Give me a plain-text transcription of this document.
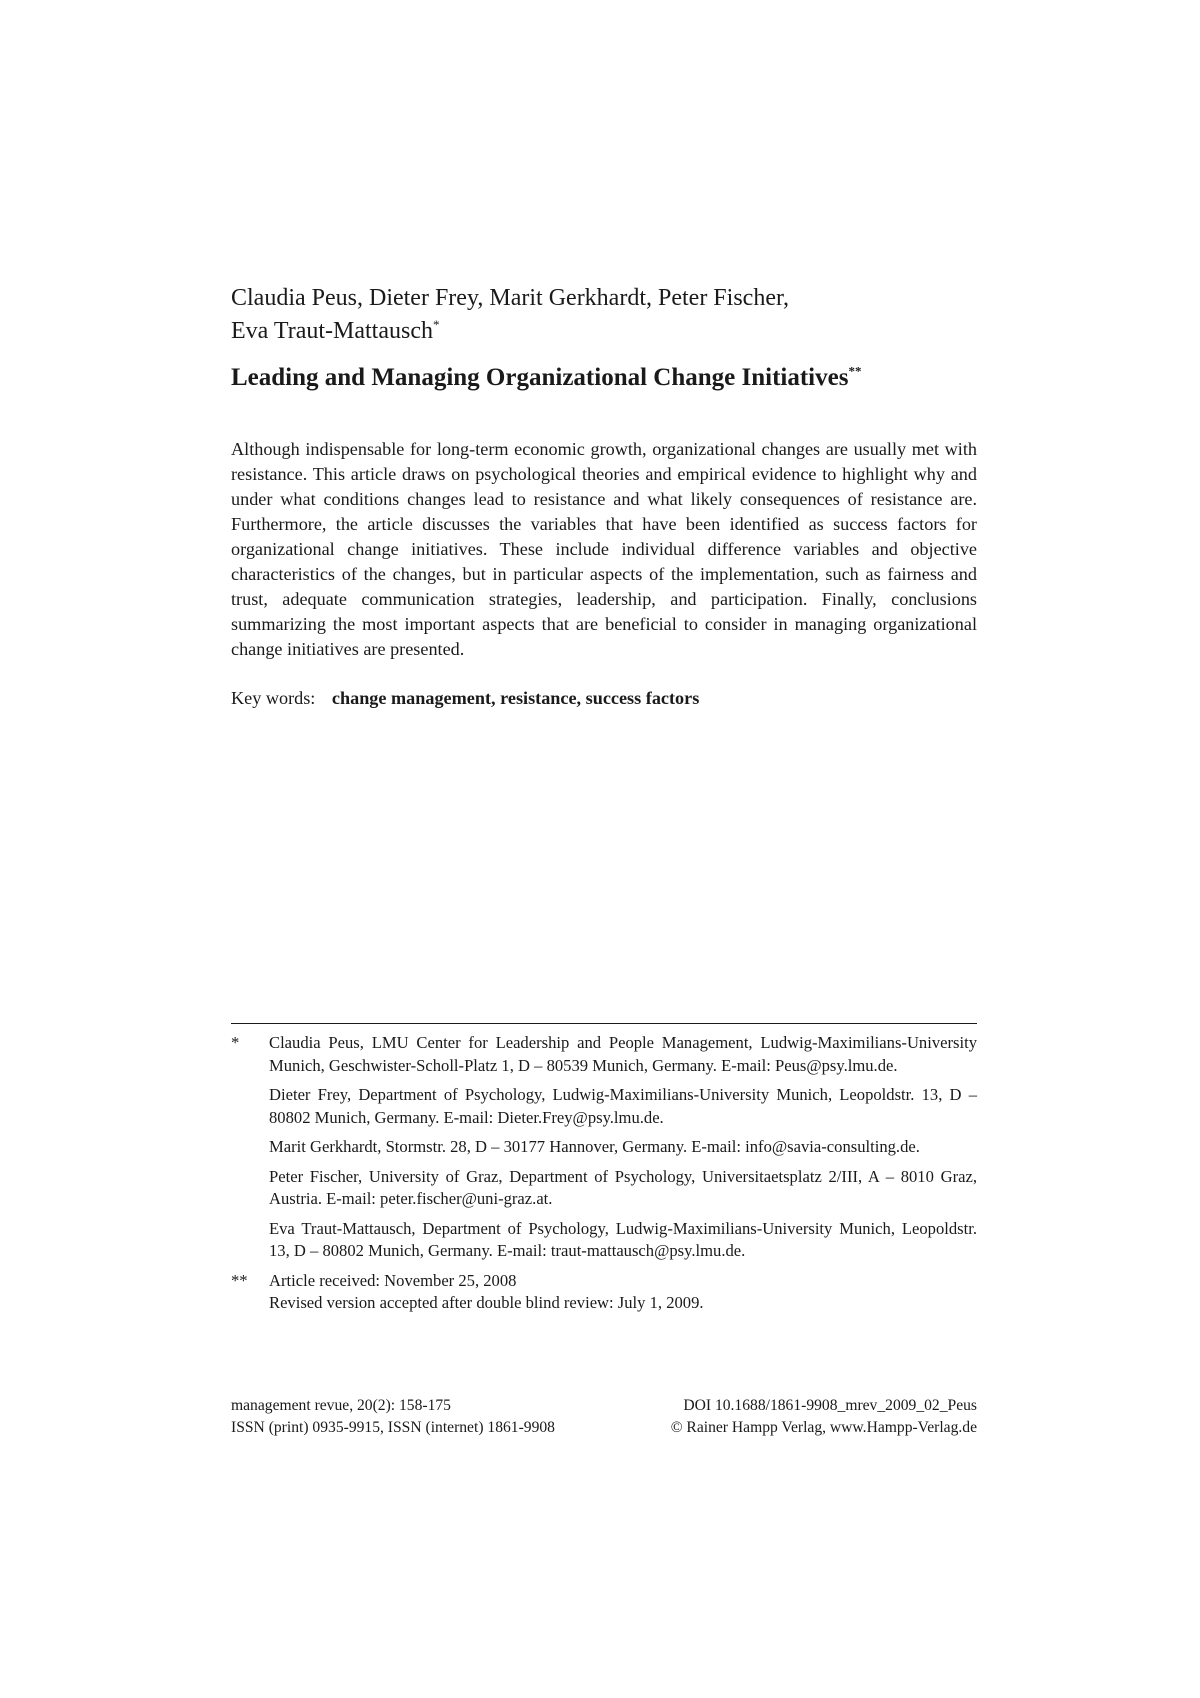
Claudia Peus, Dieter Frey, Marit Gerkhardt, Peter Fischer,
Eva Traut-Mattausch*

Leading and Managing Organizational Change Initiatives**
Although indispensable for long-term economic growth, organizational changes are usually met with resistance. This article draws on psychological theories and empirical evidence to highlight why and under what conditions changes lead to resistance and what likely consequences of resistance are. Furthermore, the article discusses the variables that have been identified as success factors for organizational change initiatives. These include individual difference variables and objective characteristics of the changes, but in particular aspects of the implementation, such as fairness and trust, adequate communication strategies, leadership, and participation. Finally, conclusions summarizing the most important aspects that are beneficial to consider in managing organizational change initiatives are presented.
Key words: change management, resistance, success factors
*	Claudia Peus, LMU Center for Leadership and People Management, Ludwig-Maximilians-University Munich, Geschwister-Scholl-Platz 1, D – 80539 Munich, Germany. E-mail: Peus@psy.lmu.de.

Dieter Frey, Department of Psychology, Ludwig-Maximilians-University Munich, Leopoldstr. 13, D – 80802 Munich, Germany. E-mail: Dieter.Frey@psy.lmu.de.

Marit Gerkhardt, Stormstr. 28, D – 30177 Hannover, Germany. E-mail: info@savia-consulting.de.

Peter Fischer, University of Graz, Department of Psychology, Universitaetsplatz 2/III, A – 8010 Graz, Austria. E-mail: peter.fischer@uni-graz.at.

Eva Traut-Mattausch, Department of Psychology, Ludwig-Maximilians-University Munich, Leopoldstr. 13, D – 80802 Munich, Germany. E-mail: traut-mattausch@psy.lmu.de.

**	Article received: November 25, 2008
Revised version accepted after double blind review: July 1, 2009.
management revue, 20(2): 158-175
ISSN (print) 0935-9915, ISSN (internet) 1861-9908
DOI 10.1688/1861-9908_mrev_2009_02_Peus
© Rainer Hampp Verlag, www.Hampp-Verlag.de
